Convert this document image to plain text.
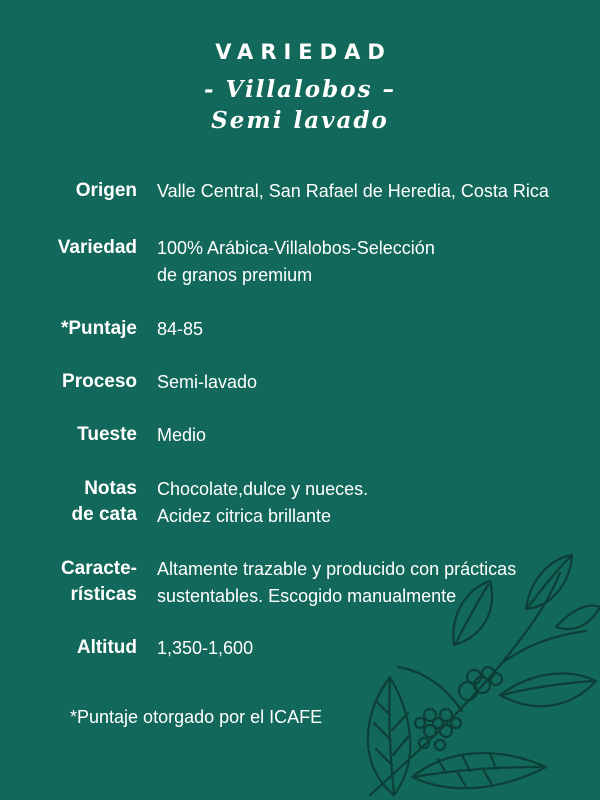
VARIEDAD
- Villalobos –
Semi lavado
Origen Valle Central, San Rafael de Heredia, Costa Rica
Variedad 100% Arábica-Villalobos-Selección
de granos premium
*Puntaje 84-85
Proceso Semi-lavado
Tueste Medio
Notas
de cata
Chocolate,dulce y nueces.
Acidez citrica brillante
Caracte-
rísticas
Altamente trazable y producido con prácticas
sustentables. Escogido manualmente
Altitud 1,350-1,600
*Puntaje otorgado por el ICAFE
